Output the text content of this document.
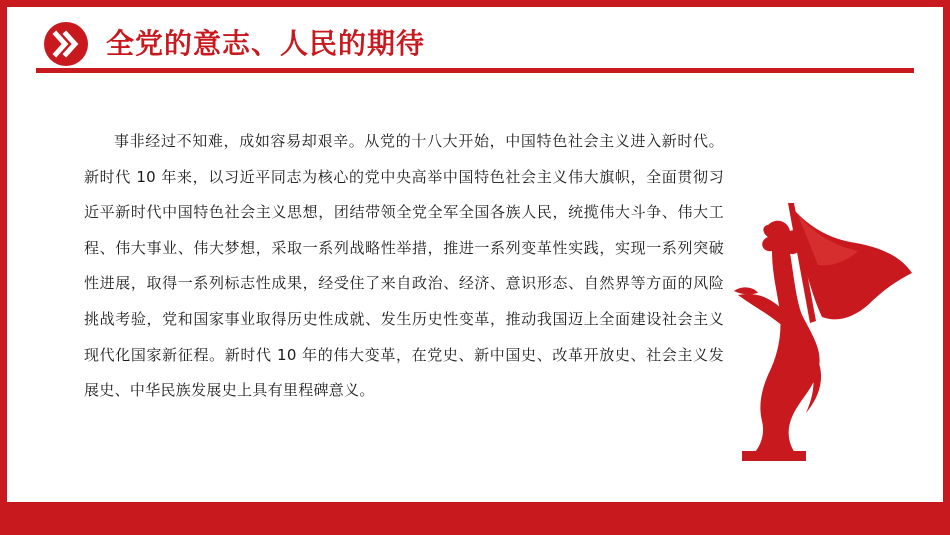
全党的意志、人民的期待

事非经过不知难，成如容易却艰辛。从党的十八大开始，中国特色社会主义进入新时代。新时代 10 年来，以习近平同志为核心的党中央高举中国特色社会主义伟大旗帜，全面贯彻习近平新时代中国特色社会主义思想，团结带领全党全军全国各族人民，统揽伟大斗争、伟大工程、伟大事业、伟大梦想，采取一系列战略性举措，推进一系列变革性实践，实现一系列突破性进展，取得一系列标志性成果，经受住了来自政治、经济、意识形态、自然界等方面的风险挑战考验，党和国家事业取得历史性成就、发生历史性变革，推动我国迈上全面建设社会主义现代化国家新征程。新时代 10 年的伟大变革，在党史、新中国史、改革开放史、社会主义发展史、中华民族发展史上具有里程碑意义。
